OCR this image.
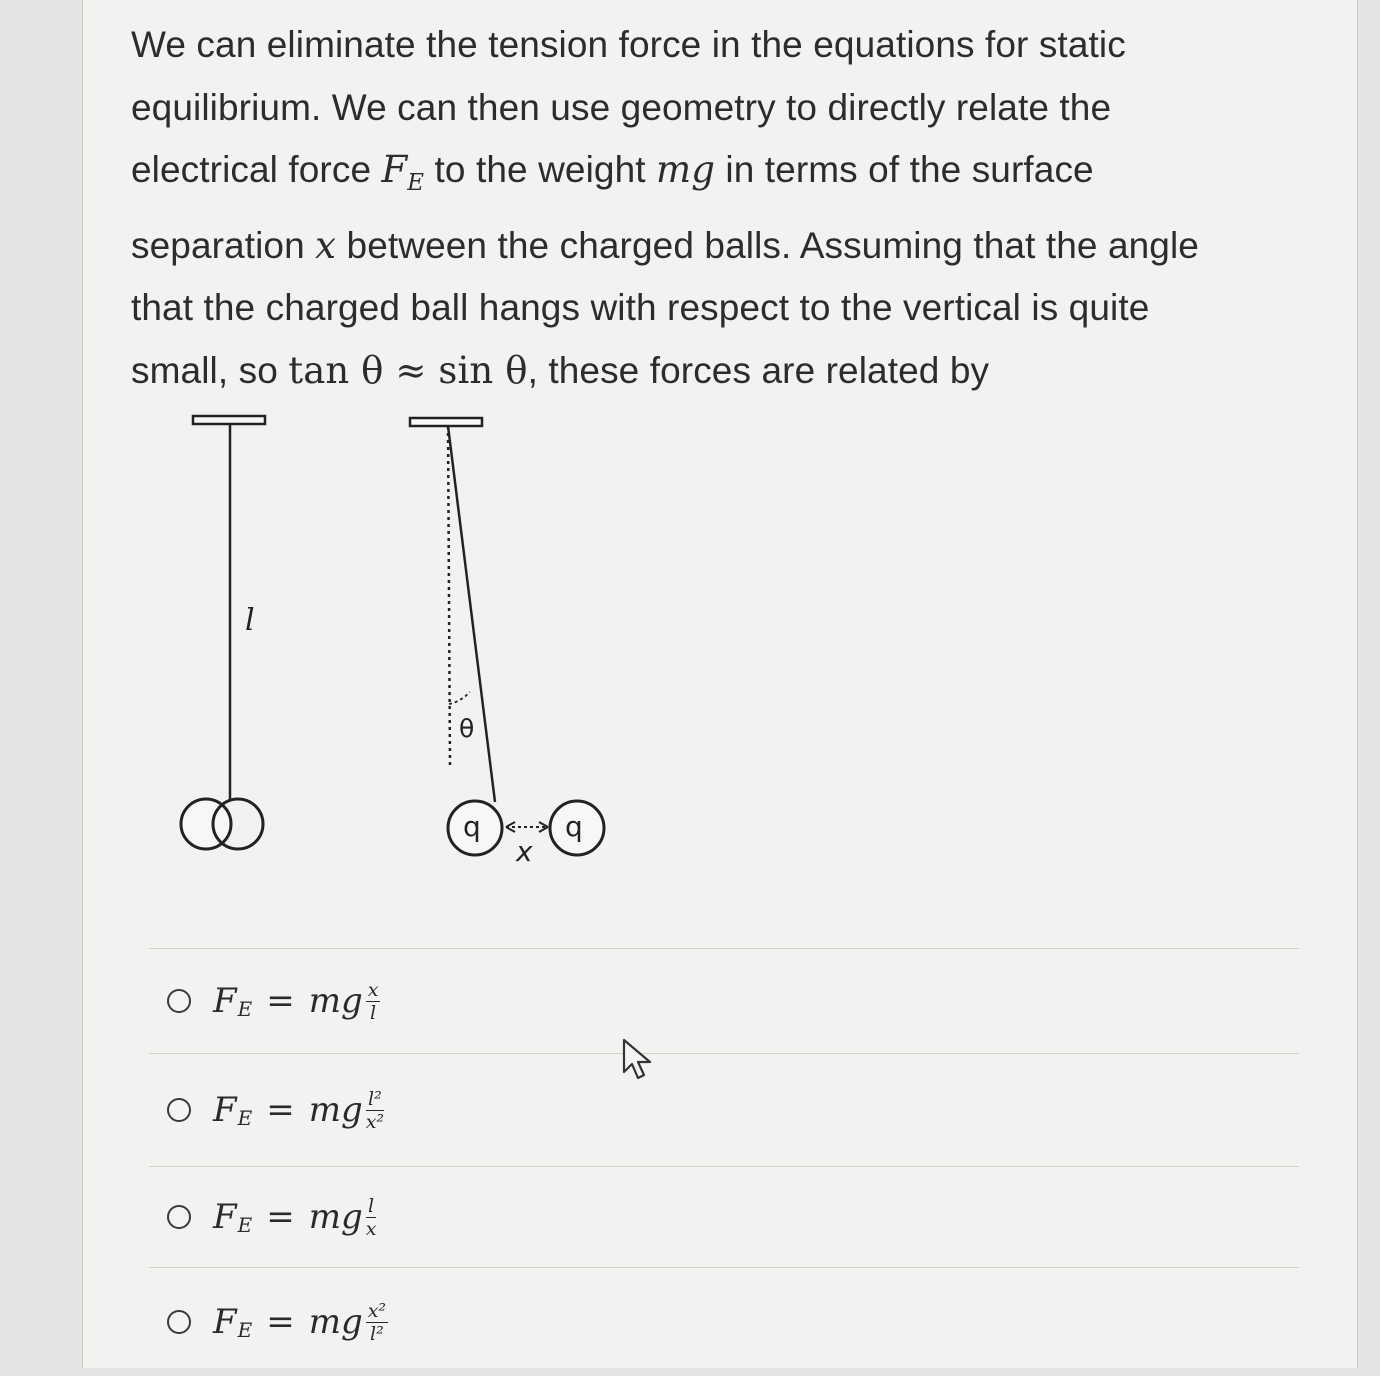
We can eliminate the tension force in the equations for static
equilibrium. We can then use geometry to directly relate the
electrical force $F_E$ to the weight mg in terms of the surface
separation x between the charged balls. Assuming that the angle
that the charged ball hangs with respect to the vertical is quite
small, so tan θ ≈ sin θ, these forces are related by
l
θ
q	q
x
F E = mg $\frac{x}{l}$
F E = mg $\frac{\text{l²}}{\text{x²}}$
F E = mg $\frac{l}{x}$
F E = mg $\frac{\text{x²}}{\text{l²}}$
